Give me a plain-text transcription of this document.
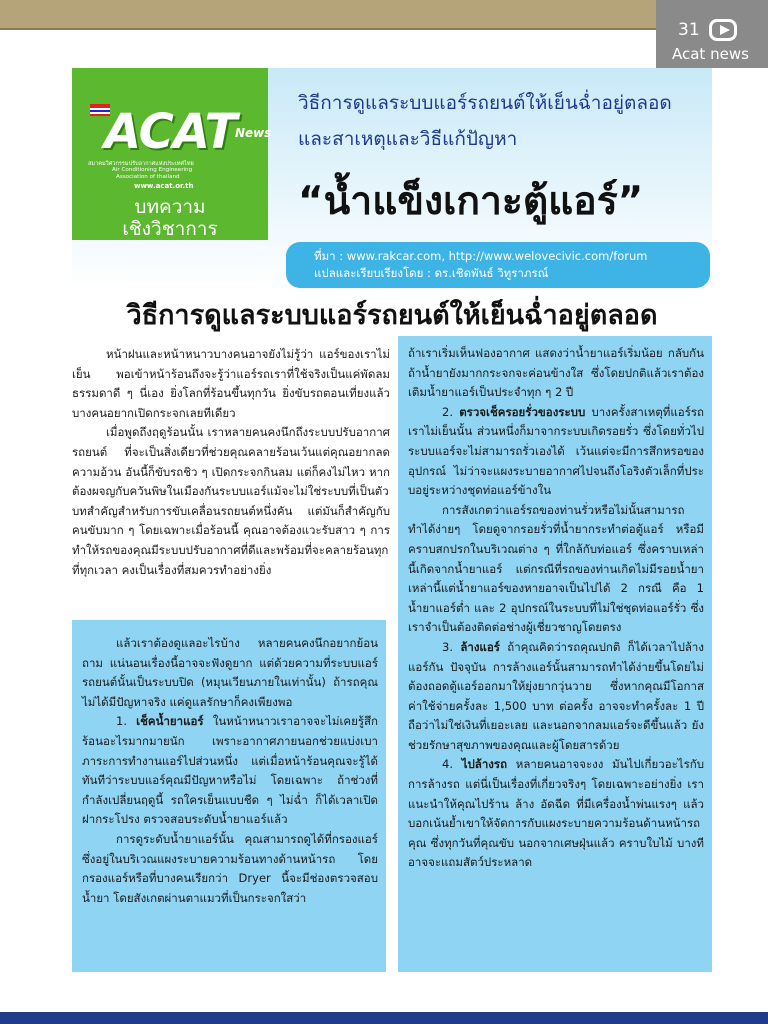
31
Acat news
ACAT
News
สมาคมวิศวกรรมปรับอากาศแห่งประเทศไทย
Air Conditioning Engineering
Association of thailand
www.acat.or.th
บทความ
เชิงวิชาการ
วิธีการดูแลระบบแอร์รถยนต์ให้เย็นฉ่ำอยู่ตลอด
และสาเหตุและวิธีแก้ปัญหา
“น้ำแข็งเกาะตู้แอร์”
ที่มา : www.rakcar.com, http://www.welovecivic.com/forum
แปลและเรียบเรียงโดย : ดร.เชิดพันธ์ วิทูราภรณ์
วิธีการดูแลระบบแอร์รถยนต์ให้เย็นฉ่ำอยู่ตลอด

หน้าฝนและหน้าหนาวบางคนอาจยังไม่รู้ว่า แอร์ของเราไม่เย็น พอเข้าหน้าร้อนถึงจะรู้ว่าแอร์รถเราที่ใช้จริงเป็นแค่พัดลมธรรมดาดี ๆ นี่เอง ยิ่งโลกที่ร้อนขึ้นทุกวัน ยิ่งขับรถตอนเที่ยงแล้วบางคนอยากเปิดกระจกเลยทีเดียว

เมื่อพูดถึงฤดูร้อนนั้น เราหลายคนคงนึกถึงระบบปรับอากาศรถยนต์ ที่จะเป็นสิ่งเดียวที่ช่วยคุณคลายร้อนเว้นแต่คุณอยากลดความอ้วน อันนี้ก็ขับรถชิว ๆ เปิดกระจกกินลม แต่ก็คงไม่ไหว หากต้องผจญกับควันพิษในเมืองกันระบบแอร์แม้จะไม่ใช่ระบบที่เป็นตัวบทสำคัญสำหรับการขับเคลื่อนรถยนต์หนึ่งคัน แต่มันก็สำคัญกับคนขับมาก ๆ โดยเฉพาะเมื่อร้อนนี้ คุณอาจต้องแวะรับสาว ๆ การทำให้รถของคุณมีระบบปรับอากาศที่ดีและพร้อมที่จะคลายร้อนทุกที่ทุกเวลา คงเป็นเรื่องที่สมควรทำอย่างยิ่ง

แล้วเราต้องดูแลอะไรบ้าง หลายคนคงนึกอยากย้อนถาม แน่นอนเรื่องนี้อาจจะฟังดูยาก แต่ด้วยความที่ระบบแอร์รถยนต์นั้นเป็นระบบปิด (หมุนเวียนภายในเท่านั้น) ถ้ารถคุณไม่ได้มีปัญหาจริง แค่ดูแลรักษาก็คงเพียงพอ

1. เช็คน้ำยาแอร์ ในหน้าหนาวเราอาจจะไม่เคยรู้สึกร้อนอะไรมากมายนัก เพราะอากาศภายนอกช่วยแบ่งเบาภาระการทำงานแอร์ไปส่วนหนึ่ง แต่เมื่อหน้าร้อนคุณจะรู้ได้ทันทีว่าระบบแอร์คุณมีปัญหาหรือไม่ โดยเฉพาะ ถ้าช่วงที่กำลังเปลี่ยนฤดูนี้ รถใครเย็นแบบชืด ๆ ไม่ฉ่ำ ก็ได้เวลาเปิดฝากระโปรง ตรวจสอบระดับน้ำยาแอร์แล้ว

การดูระดับน้ำยาแอร์นั้น คุณสามารถดูได้ที่กรองแอร์ ซึ่งอยู่ในบริเวณแผงระบายความร้อนทางด้านหน้ารถ โดยกรองแอร์หรือที่บางคนเรียกว่า Dryer นี้จะมีช่องตรวจสอบน้ำยา โดยสังเกตผ่านตาแมวที่เป็นกระจกใสว่า

ถ้าเราเริ่มเห็นฟองอากาศ แสดงว่าน้ำยาแอร์เริ่มน้อย กลับกันถ้าน้ำยายังมากกระจกจะค่อนข้างใส ซึ่งโดยปกติแล้วเราต้องเติมน้ำยาแอร์เป็นประจำทุก ๆ 2 ปี

2. ตรวจเช็ครอยรั่วของระบบ บางครั้งสาเหตุที่แอร์รถเราไม่เย็นนั้น ส่วนหนึ่งก็มาจากระบบเกิดรอยรั่ว ซึ่งโดยทั่วไป ระบบแอร์จะไม่สามารถรั่วเองได้ เว้นแต่จะมีการสึกหรอของอุปกรณ์ ไม่ว่าจะแผงระบายอากาศไปจนถึงโอริงตัวเล็กที่ประบอยู่ระหว่างชุดท่อแอร์ข้างใน

การสังเกตว่าแอร์รถของท่านรั่วหรือไม่นั้นสามารถทำได้ง่ายๆ โดยดูจากรอยรั่วที่น้ำยากระทำต่อตู้แอร์ หรือมีคราบสกปรกในบริเวณต่าง ๆ ที่ใกล้กับท่อแอร์ ซึ่งคราบเหล่านี้เกิดจากน้ำยาแอร์ แต่กรณีที่รถของท่านเกิดไม่มีรอยน้ำยาเหล่านี้แต่น้ำยาแอร์ของหายอาจเป็นไปได้ 2 กรณี คือ 1 น้ำยาแอร์ต่ำ และ 2 อุปกรณ์ในระบบที่ไม่ใช่ชุดท่อแอร์รั่ว ซึ่งเราจำเป็นต้องติดต่อช่างผู้เชี่ยวชาญโดยตรง

3. ล้างแอร์ ถ้าคุณคิดว่ารถคุณปกติ ก็ได้เวลาไปล้างแอร์กัน ปัจจุบัน การล้างแอร์นั้นสามารถทำได้ง่ายขึ้นโดยไม่ต้องถอดตู้แอร์ออกมาให้ยุ่งยากวุ่นวาย ซึ่งหากคุณมีโอกาส ค่าใช้จ่ายครั้งละ 1,500 บาท ต่อครั้ง อาจจะทำครั้งละ 1 ปี ถือว่าไม่ใช่เงินที่เยอะเลย และนอกจากลมแอร์จะดีขึ้นแล้ว ยังช่วยรักษาสุขภาพของคุณและผู้โดยสารด้วย

4. ไปล้างรถ หลายคนอาจจะงง มันไปเกี่ยวอะไรกับการล้างรถ แต่นี่เป็นเรื่องที่เกี่ยวจริงๆ โดยเฉพาะอย่างยิ่ง เราแนะนำให้คุณไปร้าน ล้าง อัดฉีด ที่มีเครื่องน้ำพ่นแรงๆ แล้วบอกเน้นย้ำเขาให้จัดการกับแผงระบายความร้อนด้านหน้ารถคุณ ซึ่งทุกวันที่คุณขับ นอกจากเศษฝุ่นแล้ว คราบใบไม้ บางทีอาจจะแถมสัตว์ประหลาด
